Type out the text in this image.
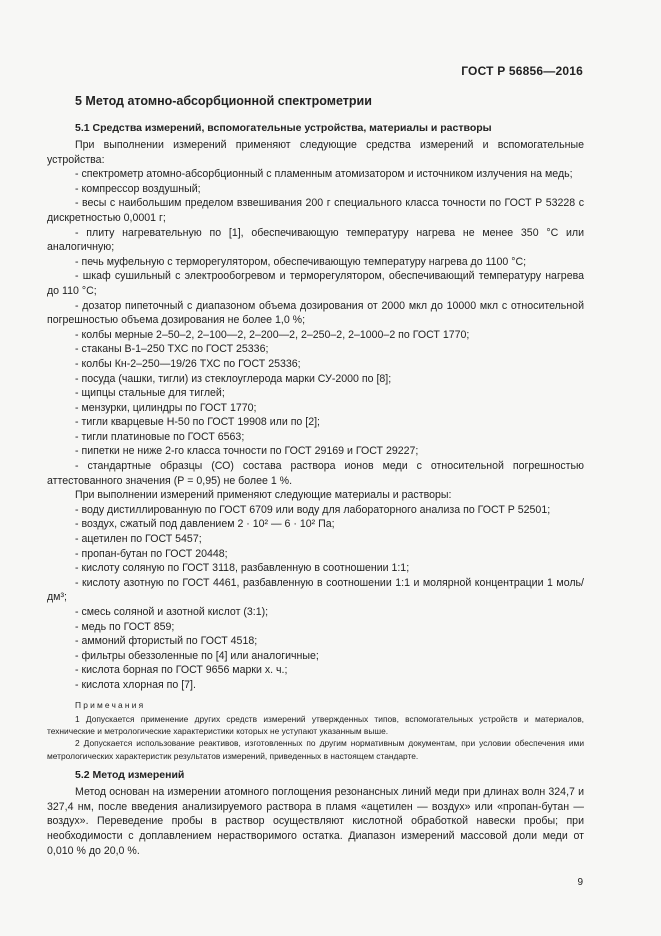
ГОСТ Р 56856—2016
5 Метод атомно-абсорбционной спектрометрии
5.1 Средства измерений, вспомогательные устройства, материалы и растворы

При выполнении измерений применяют следующие средства измерений и вспомогательные устройства:

- спектрометр атомно-абсорбционный с пламенным атомизатором и источником излучения на медь;

- компрессор воздушный;

- весы с наибольшим пределом взвешивания 200 г специального класса точности по ГОСТ Р 53228 с дискретностью 0,0001 г;

- плиту нагревательную по [1], обеспечивающую температуру нагрева не менее 350 °С или аналогичную;

- печь муфельную с терморегулятором, обеспечивающую температуру нагрева до 1100 °С;

- шкаф сушильный с электрообогревом и терморегулятором, обеспечивающий температуру нагрева до 110 °С;

- дозатор пипеточный с диапазоном объема дозирования от 2000 мкл до 10000 мкл с относительной погрешностью объема дозирования не более 1,0 %;

- колбы мерные 2–50–2, 2–100—2, 2–200—2, 2–250–2, 2–1000–2 по ГОСТ 1770;

- стаканы В-1–250 ТХС по ГОСТ 25336;

- колбы Кн-2–250—19/26 ТХС по ГОСТ 25336;

- посуда (чашки, тигли) из стеклоуглерода марки СУ-2000 по [8];

- щипцы стальные для тиглей;

- мензурки, цилиндры по ГОСТ 1770;

- тигли кварцевые Н-50 по ГОСТ 19908 или по [2];

- тигли платиновые по ГОСТ 6563;

- пипетки не ниже 2-го класса точности по ГОСТ 29169 и ГОСТ 29227;

- стандартные образцы (СО) состава раствора ионов меди с относительной погрешностью аттестованного значения (Р = 0,95) не более 1 %.

При выполнении измерений применяют следующие материалы и растворы:

- воду дистиллированную по ГОСТ 6709 или воду для лабораторного анализа по ГОСТ Р 52501;

- воздух, сжатый под давлением 2 · 10² — 6 · 10² Па;

- ацетилен по ГОСТ 5457;

- пропан-бутан по ГОСТ 20448;

- кислоту соляную по ГОСТ 3118, разбавленную в соотношении 1:1;

- кислоту азотную по ГОСТ 4461, разбавленную в соотношении 1:1 и молярной концентрации 1 моль/дм³;

- смесь соляной и азотной кислот (3:1);

- медь по ГОСТ 859;

- аммоний фтористый по ГОСТ 4518;

- фильтры обеззоленные по [4] или аналогичные;

- кислота борная по ГОСТ 9656 марки х. ч.;

- кислота хлорная по [7].

Примечания

1 Допускается применение других средств измерений утвержденных типов, вспомогательных устройств и материалов, технические и метрологические характеристики которых не уступают указанным выше.

2 Допускается использование реактивов, изготовленных по другим нормативным документам, при условии обеспечения ими метрологических характеристик результатов измерений, приведенных в настоящем стандарте.

5.2 Метод измерений

Метод основан на измерении атомного поглощения резонансных линий меди при длинах волн 324,7 и 327,4 нм, после введения анализируемого раствора в пламя «ацетилен — воздух» или «пропан-бутан — воздух». Переведение пробы в раствор осуществляют кислотной обработкой навески пробы; при необходимости с доплавлением нерастворимого остатка. Диапазон измерений массовой доли меди от 0,010 % до 20,0 %.

9
